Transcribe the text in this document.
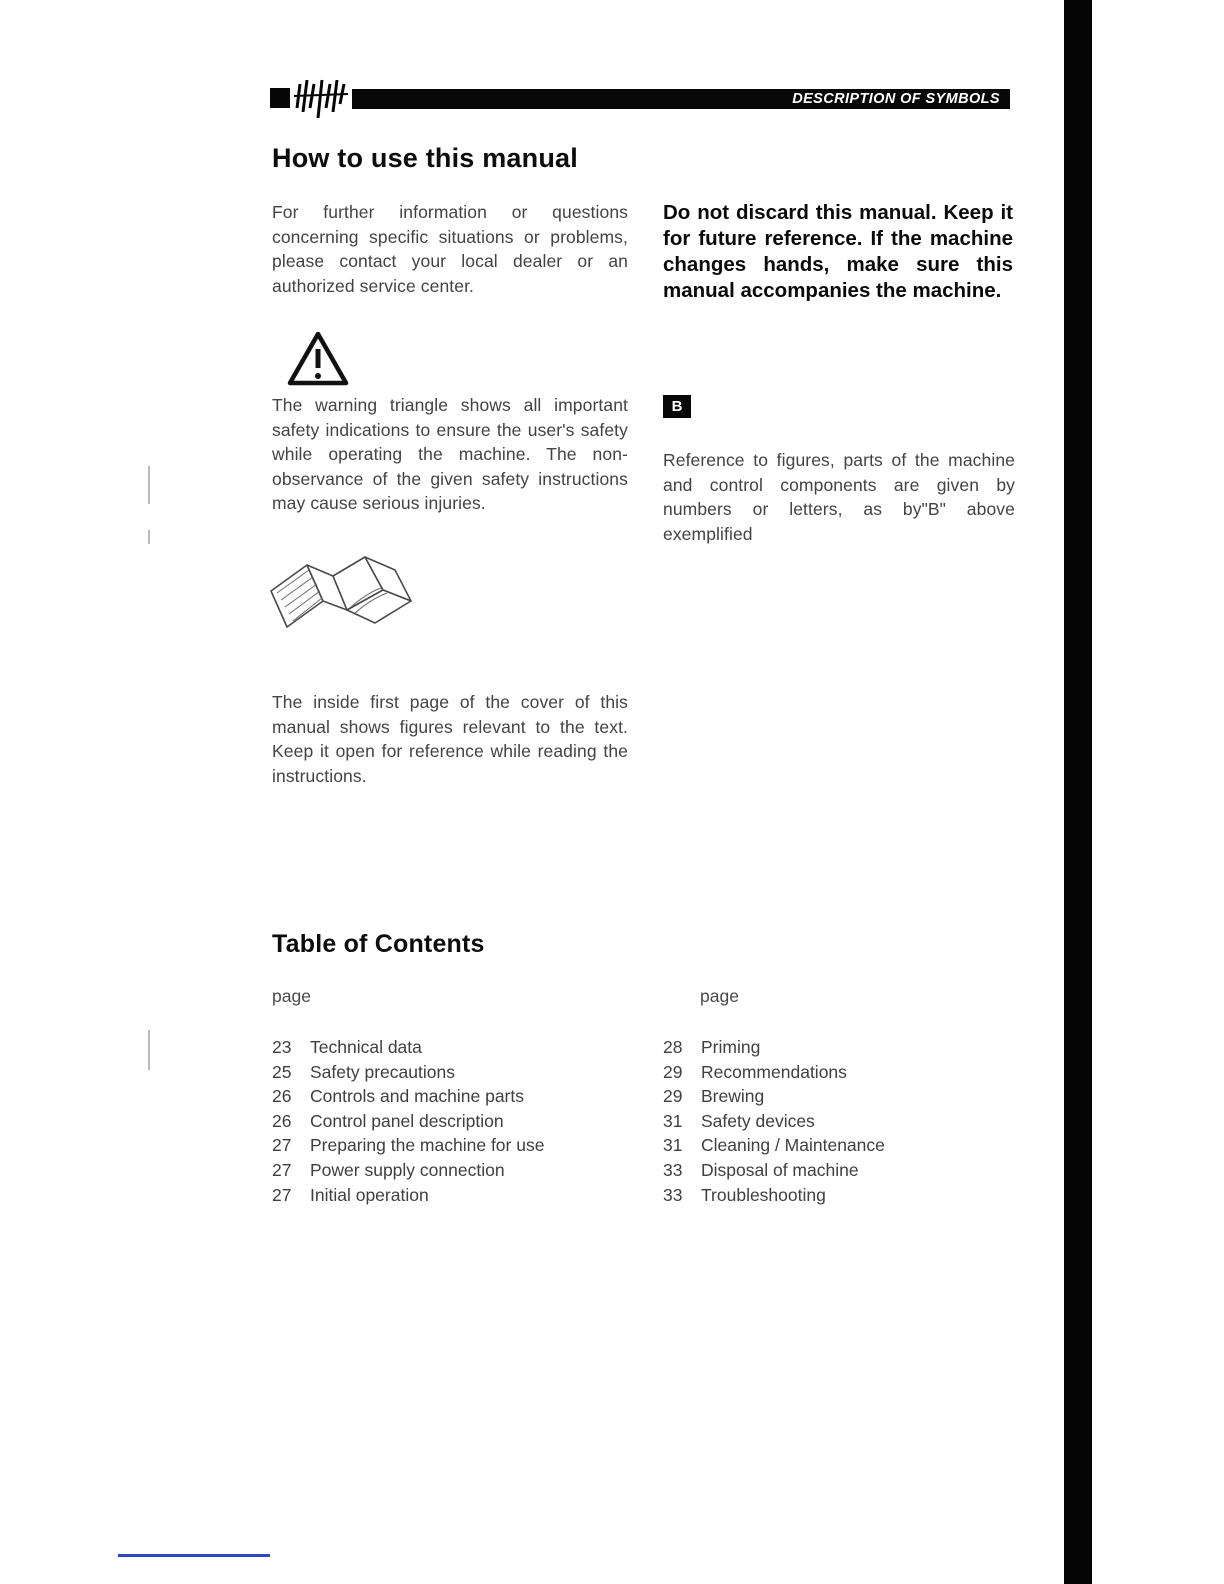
DESCRIPTION OF SYMBOLS
How to use this manual
For further information or questions concerning specific situations or problems, please contact your local dealer or an authorized service center.
The warning triangle shows all important safety indications to ensure the user's safety while operating the machine. The non-observance of the given safety instructions may cause serious injuries.
The inside first page of the cover of this manual shows figures relevant to the text. Keep it open for reference while reading the instructions.
Do not discard this manual. Keep it for future reference. If the machine changes hands, make sure this manual accompanies the machine.
B
Reference to figures, parts of the machine and control components are given by numbers or letters, as by"B" above exemplified
Table of Contents
page	page
23	Technical data
25	Safety precautions
26	Controls and machine parts
26	Control panel description
27	Preparing the machine for use
27	Power supply connection
27	Initial operation
28	Priming
29	Recommendations
29	Brewing
31	Safety devices
31	Cleaning / Maintenance
33	Disposal of machine
33	Troubleshooting
